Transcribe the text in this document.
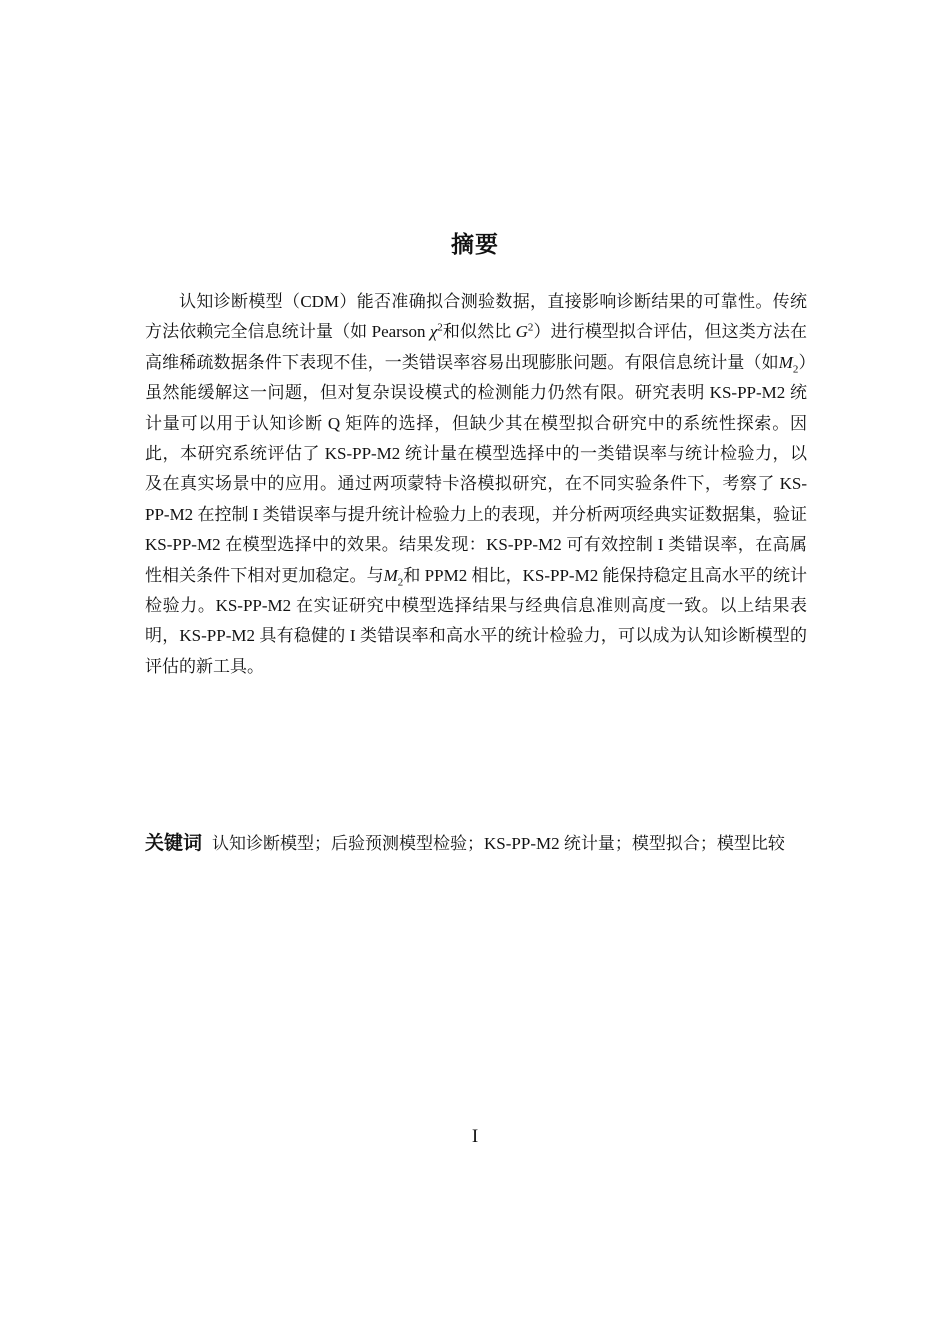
摘要

认知诊断模型（CDM）能否准确拟合测验数据，直接影响诊断结果的可靠性。传统方法依赖完全信息统计量（如 Pearson $\chi^2$和似然比 $G^2$）进行模型拟合评估，但这类方法在高维稀疏数据条件下表现不佳，一类错误率容易出现膨胀问题。有限信息统计量（如$M_2$）虽然能缓解这一问题，但对复杂误设模式的检测能力仍然有限。研究表明 KS-PP-M2 统计量可以用于认知诊断 Q 矩阵的选择，但缺少其在模型拟合研究中的系统性探索。因此，本研究系统评估了 KS-PP-M2 统计量在模型选择中的一类错误率与统计检验力，以及在真实场景中的应用。通过两项蒙特卡洛模拟研究，在不同实验条件下，考察了 KS-PP-M2 在控制 I 类错误率与提升统计检验力上的表现，并分析两项经典实证数据集，验证 KS-PP-M2 在模型选择中的效果。结果发现：KS-PP-M2 可有效控制 I 类错误率，在高属性相关条件下相对更加稳定。与$M_2$和 PPM2 相比，KS-PP-M2 能保持稳定且高水平的统计检验力。KS-PP-M2 在实证研究中模型选择结果与经典信息准则高度一致。以上结果表明，KS-PP-M2 具有稳健的 I 类错误率和高水平的统计检验力，可以成为认知诊断模型的评估的新工具。

关键词 认知诊断模型；后验预测模型检验；KS-PP-M2 统计量；模型拟合；模型比较

I
